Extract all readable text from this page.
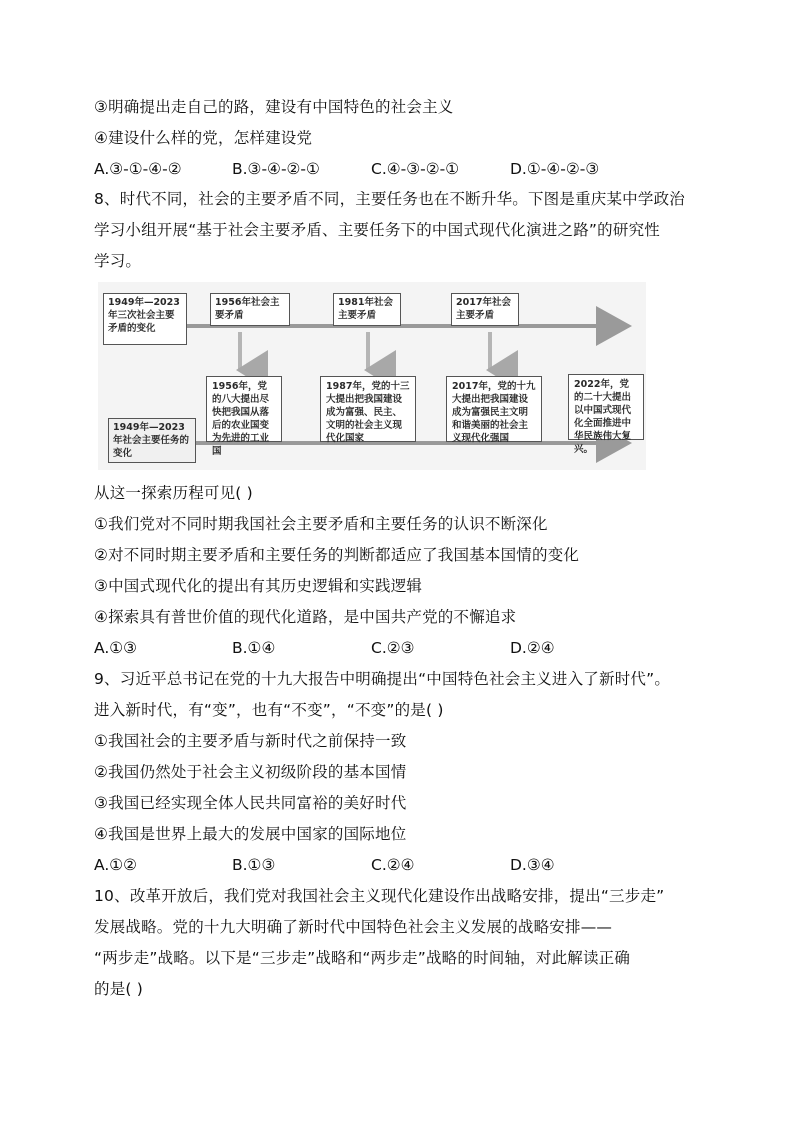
③明确提出走自己的路，建设有中国特色的社会主义
④建设什么样的党，怎样建设党
A.③-①-④-②	B.③-④-②-①	C.④-③-②-①	D.①-④-②-③
8、时代不同，社会的主要矛盾不同，主要任务也在不断升华。下图是重庆某中学政治
学习小组开展“基于社会主要矛盾、主要任务下的中国式现代化演进之路”的研究性
学习。
1949年—2023年三次社会主要矛盾的变化
1956年社会主要矛盾
1981年社会主要矛盾
2017年社会主要矛盾
1956年，党的八大提出尽快把我国从落后的农业国变为先进的工业国
1987年，党的十三大提出把我国建设成为富强、民主、文明的社会主义现代化国家
2017年，党的十九大提出把我国建设成为富强民主文明和谐美丽的社会主义现代化强国
2022年，党的二十大提出以中国式现代化全面推进中华民族伟大复兴。
1949年—2023年社会主要任务的变化
从这一探索历程可见( )
①我们党对不同时期我国社会主要矛盾和主要任务的认识不断深化
②对不同时期主要矛盾和主要任务的判断都适应了我国基本国情的变化
③中国式现代化的提出有其历史逻辑和实践逻辑
④探索具有普世价值的现代化道路，是中国共产党的不懈追求
A.①③	B.①④	C.②③	D.②④
9、习近平总书记在党的十九大报告中明确提出“中国特色社会主义进入了新时代”。
进入新时代，有“变”，也有“不变”，“不变”的是( )
①我国社会的主要矛盾与新时代之前保持一致
②我国仍然处于社会主义初级阶段的基本国情
③我国已经实现全体人民共同富裕的美好时代
④我国是世界上最大的发展中国家的国际地位
A.①②	B.①③	C.②④	D.③④
10、改革开放后，我们党对我国社会主义现代化建设作出战略安排，提出“三步走”
发展战略。党的十九大明确了新时代中国特色社会主义发展的战略安排——
“两步走”战略。以下是“三步走”战略和“两步走”战略的时间轴，对此解读正确
的是( )
